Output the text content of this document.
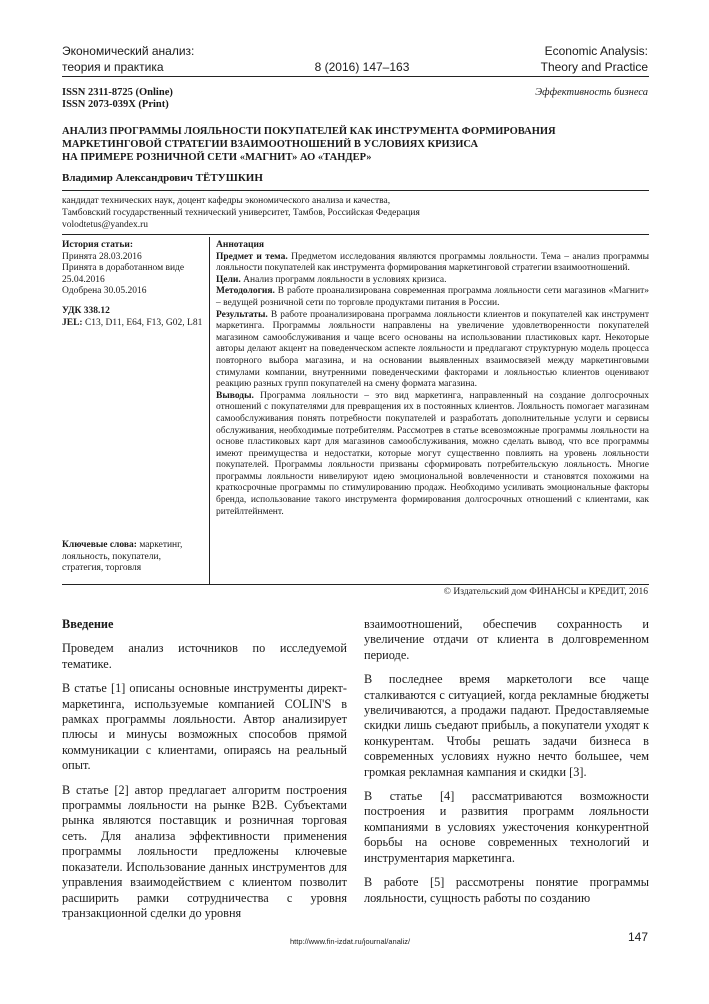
Экономический анализ:
теория и практика	8 (2016) 147–163
Economic Analysis:
Theory and Practice
ISSN 2311-8725 (Online)
ISSN 2073-039X (Print)
Эффективность бизнеса
АНАЛИЗ ПРОГРАММЫ ЛОЯЛЬНОСТИ ПОКУПАТЕЛЕЙ КАК ИНСТРУМЕНТА ФОРМИРОВАНИЯ
МАРКЕТИНГОВОЙ СТРАТЕГИИ ВЗАИМООТНОШЕНИЙ В УСЛОВИЯХ КРИЗИСА
НА ПРИМЕРЕ РОЗНИЧНОЙ СЕТИ «МАГНИТ» АО «ТАНДЕР»
Владимир Александрович ТЁТУШКИН
кандидат технических наук, доцент кафедры экономического анализа и качества,
Тамбовский государственный технический университет, Тамбов, Российская Федерация
volodtetus@yandex.ru
История статьи:
Принята 28.03.2016
Принята в доработанном виде 25.04.2016
Одобрена 30.05.2016
УДК 338.12
JEL: C13, D11, E64, F13, G02, L81
Ключевые слова: маркетинг, лояльность, покупатели, стратегия, торговля

Аннотация

Предмет и тема. Предметом исследования являются программы лояльности. Тема – анализ программы лояльности покупателей как инструмента формирования маркетинговой стратегии взаимоотношений.

Цели. Анализ программ лояльности в условиях кризиса.

Методология. В работе проанализирована современная программа лояльности сети магазинов «Магнит» – ведущей розничной сети по торговле продуктами питания в России.

Результаты. В работе проанализирована программа лояльности клиентов и покупателей как инструмент маркетинга. Программы лояльности направлены на увеличение удовлетворенности покупателей магазином самообслуживания и чаще всего основаны на использовании пластиковых карт. Некоторые авторы делают акцент на поведенческом аспекте лояльности и предлагают структурную модель процесса повторного выбора магазина, и на основании выявленных взаимосвязей между маркетинговыми стимулами компании, внутренними поведенческими факторами и лояльностью клиентов оценивают реакцию разных групп покупателей на смену формата магазина.

Выводы. Программа лояльности – это вид маркетинга, направленный на создание долгосрочных отношений с покупателями для превращения их в постоянных клиентов. Лояльность помогает магазинам самообслуживания понять потребности покупателей и разработать дополнительные услуги и сервисы обслуживания, необходимые потребителям. Рассмотрев в статье всевозможные программы лояльности на основе пластиковых карт для магазинов самообслуживания, можно сделать вывод, что все программы имеют преимущества и недостатки, которые могут существенно повлиять на уровень лояльности покупателей. Программы лояльности призваны сформировать потребительскую лояльность. Многие программы лояльности нивелируют идею эмоциональной вовлеченности и становятся похожими на краткосрочные программы по стимулированию продаж. Необходимо усиливать эмоциональные факторы бренда, использование такого инструмента формирования долгосрочных отношений с клиентами, как ритейлтейнмент.

© Издательский дом ФИНАНСЫ и КРЕДИТ, 2016

Введение

Проведем анализ источников по исследуемой тематике.

В статье [1] описаны основные инструменты директ-маркетинга, используемые компанией COLIN'S в рамках программы лояльности. Автор анализирует плюсы и минусы возможных способов прямой коммуникации с клиентами, опираясь на реальный опыт.

В статье [2] автор предлагает алгоритм построения программы лояльности на рынке B2B. Субъектами рынка являются поставщик и розничная торговая сеть. Для анализа эффективности применения программы лояльности предложены ключевые показатели. Использование данных инструментов для управления взаимодействием с клиентом позволит расширить рамки сотрудничества с уровня транзакционной сделки до уровня

взаимоотношений, обеспечив сохранность и увеличение отдачи от клиента в долговременном периоде.

В последнее время маркетологи все чаще сталкиваются с ситуацией, когда рекламные бюджеты увеличиваются, а продажи падают. Предоставляемые скидки лишь съедают прибыль, а покупатели уходят к конкурентам. Чтобы решать задачи бизнеса в современных условиях нужно нечто большее, чем громкая рекламная кампания и скидки [3].

В статье [4] рассматриваются возможности построения и развития программ лояльности компаниями в условиях ужесточения конкурентной борьбы на основе современных технологий и инструментария маркетинга.

В работе [5] рассмотрены понятие программы лояльности, сущность работы по созданию

http://www.fin-izdat.ru/journal/analiz/	147
